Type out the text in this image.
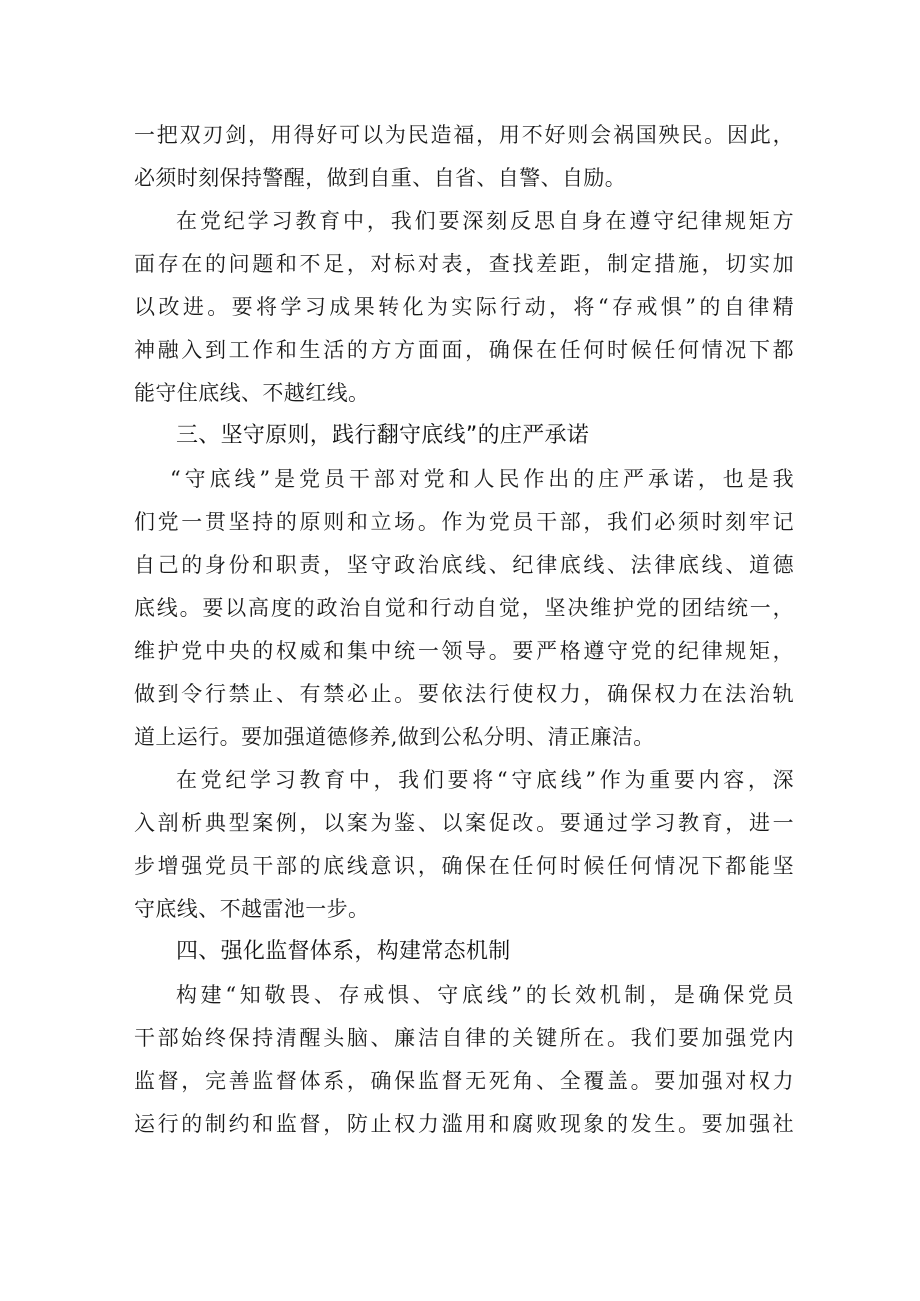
一把双刃剑，用得好可以为民造福，用不好则会祸国殃民。因此，
必须时刻保持警醒，做到自重、自省、自警、自励。
在党纪学习教育中，我们要深刻反思自身在遵守纪律规矩方
面存在的问题和不足，对标对表，查找差距，制定措施，切实加
以改进。要将学习成果转化为实际行动，将“存戒惧”的自律精
神融入到工作和生活的方方面面，确保在任何时候任何情况下都
能守住底线、不越红线。
三、坚守原则，践行翻守底线”的庄严承诺
“守底线”是党员干部对党和人民作出的庄严承诺，也是我
们党一贯坚持的原则和立场。作为党员干部，我们必须时刻牢记
自己的身份和职责，坚守政治底线、纪律底线、法律底线、道德
底线。要以高度的政治自觉和行动自觉，坚决维护党的团结统一，
维护党中央的权威和集中统一领导。要严格遵守党的纪律规矩，
做到令行禁止、有禁必止。要依法行使权力，确保权力在法治轨
道上运行。要加强道德修养,做到公私分明、清正廉洁。
在党纪学习教育中，我们要将“守底线”作为重要内容，深
入剖析典型案例，以案为鉴、以案促改。要通过学习教育，进一
步增强党员干部的底线意识，确保在任何时候任何情况下都能坚
守底线、不越雷池一步。
四、强化监督体系，构建常态机制
构建“知敬畏、存戒惧、守底线”的长效机制，是确保党员
干部始终保持清醒头脑、廉洁自律的关键所在。我们要加强党内
监督，完善监督体系，确保监督无死角、全覆盖。要加强对权力
运行的制约和监督，防止权力滥用和腐败现象的发生。要加强社
